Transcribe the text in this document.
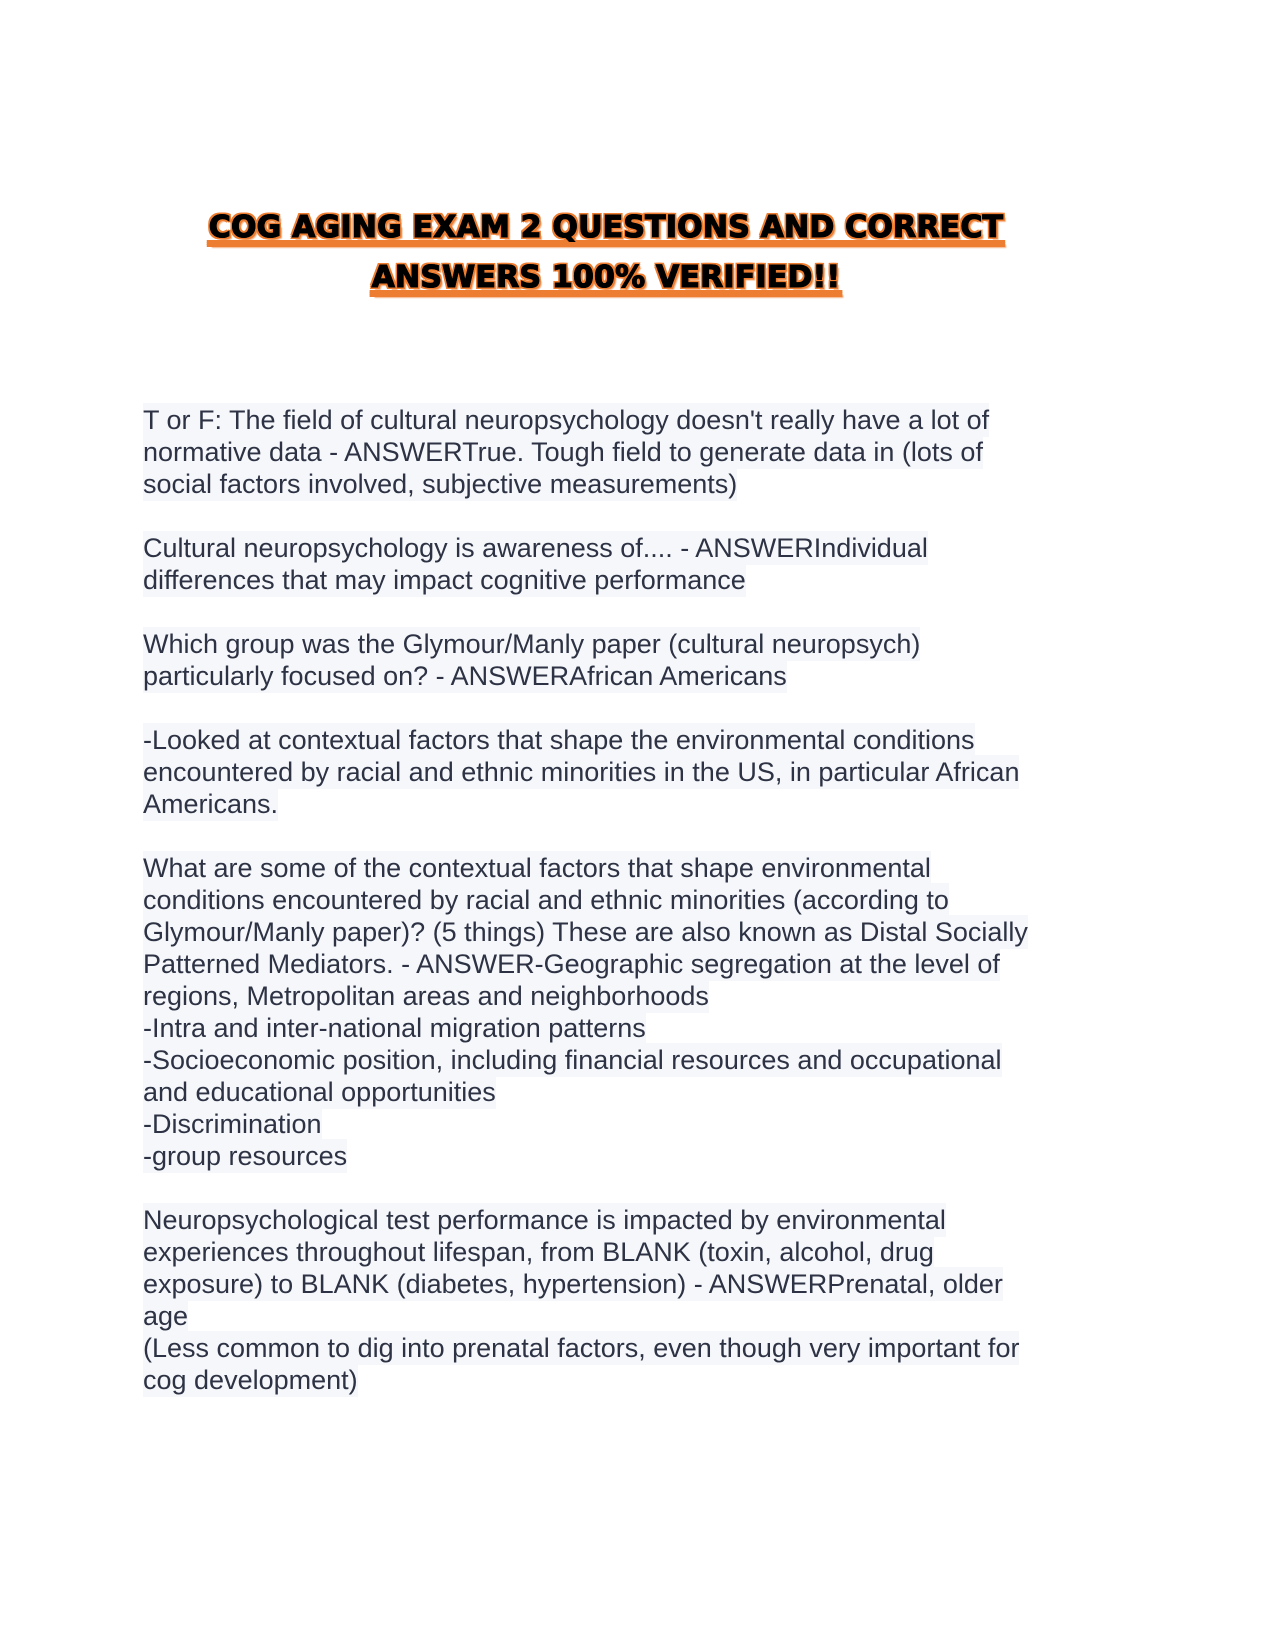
COG AGING EXAM 2 QUESTIONS AND CORRECT
ANSWERS 100% VERIFIED!!
T or F: The field of cultural neuropsychology doesn't really have a lot of
normative data - ANSWERTrue. Tough field to generate data in (lots of
social factors involved, subjective measurements)
Cultural neuropsychology is awareness of.... - ANSWERIndividual
differences that may impact cognitive performance
Which group was the Glymour/Manly paper (cultural neuropsych)
particularly focused on? - ANSWERAfrican Americans
-Looked at contextual factors that shape the environmental conditions
encountered by racial and ethnic minorities in the US, in particular African
Americans.
What are some of the contextual factors that shape environmental
conditions encountered by racial and ethnic minorities (according to
Glymour/Manly paper)? (5 things) These are also known as Distal Socially
Patterned Mediators. - ANSWER-Geographic segregation at the level of
regions, Metropolitan areas and neighborhoods
-Intra and inter-national migration patterns
-Socioeconomic position, including financial resources and occupational
and educational opportunities
-Discrimination
-group resources
Neuropsychological test performance is impacted by environmental
experiences throughout lifespan, from BLANK (toxin, alcohol, drug
exposure) to BLANK (diabetes, hypertension) - ANSWERPrenatal, older
age
(Less common to dig into prenatal factors, even though very important for
cog development)
